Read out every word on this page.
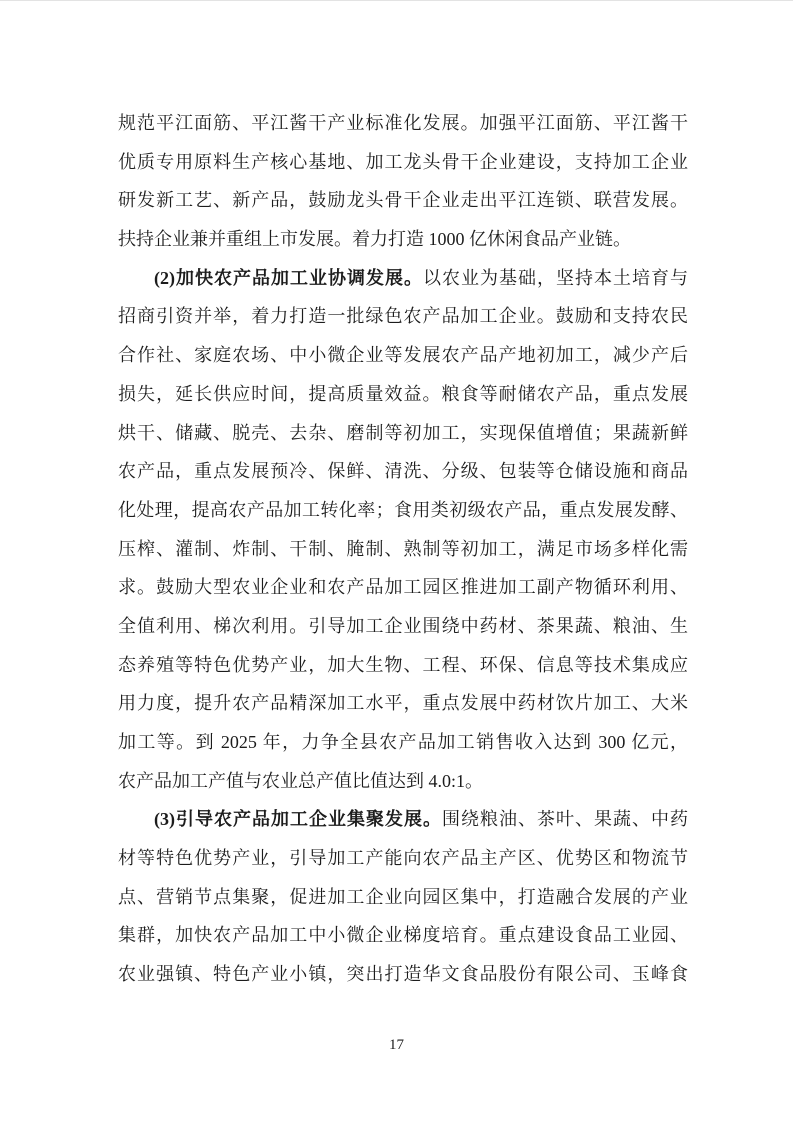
规范平江面筋、平江酱干产业标准化发展。加强平江面筋、平江酱干
优质专用原料生产核心基地、加工龙头骨干企业建设，支持加工企业
研发新工艺、新产品，鼓励龙头骨干企业走出平江连锁、联营发展。
扶持企业兼并重组上市发展。着力打造 1000 亿休闲食品产业链。
(2)加快农产品加工业协调发展。以农业为基础，坚持本土培育与
招商引资并举，着力打造一批绿色农产品加工企业。鼓励和支持农民
合作社、家庭农场、中小微企业等发展农产品产地初加工，减少产后
损失，延长供应时间，提高质量效益。粮食等耐储农产品，重点发展
烘干、储藏、脱壳、去杂、磨制等初加工，实现保值增值；果蔬新鲜
农产品，重点发展预冷、保鲜、清洗、分级、包装等仓储设施和商品
化处理，提高农产品加工转化率；食用类初级农产品，重点发展发酵、
压榨、灌制、炸制、干制、腌制、熟制等初加工，满足市场多样化需
求。鼓励大型农业企业和农产品加工园区推进加工副产物循环利用、
全值利用、梯次利用。引导加工企业围绕中药材、茶果蔬、粮油、生
态养殖等特色优势产业，加大生物、工程、环保、信息等技术集成应
用力度，提升农产品精深加工水平，重点发展中药材饮片加工、大米
加工等。到 2025 年，力争全县农产品加工销售收入达到 300 亿元，
农产品加工产值与农业总产值比值达到 4.0:1。
(3)引导农产品加工企业集聚发展。围绕粮油、茶叶、果蔬、中药
材等特色优势产业，引导加工产能向农产品主产区、优势区和物流节
点、营销节点集聚，促进加工企业向园区集中，打造融合发展的产业
集群，加快农产品加工中小微企业梯度培育。重点建设食品工业园、
农业强镇、特色产业小镇，突出打造华文食品股份有限公司、玉峰食
17
